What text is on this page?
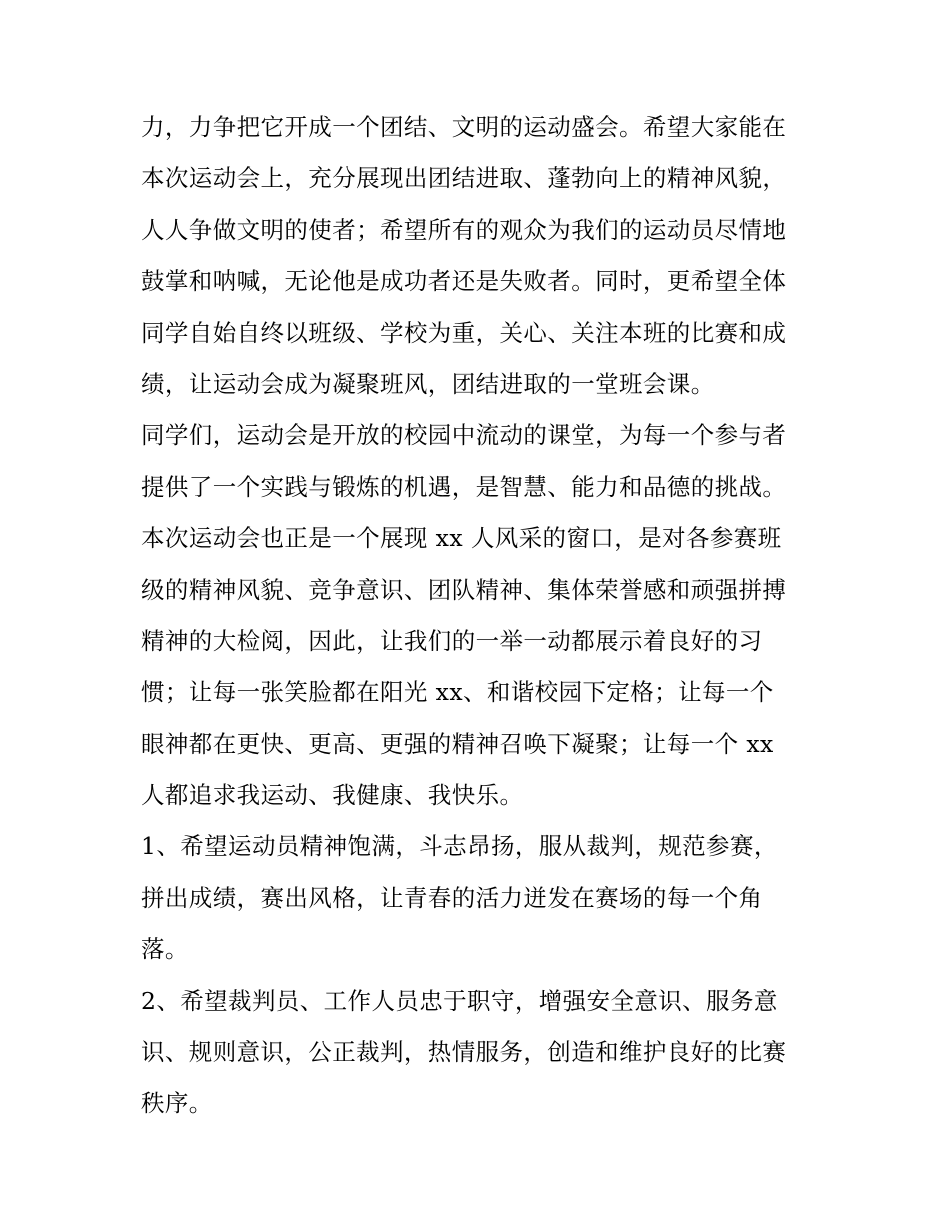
力，力争把它开成一个团结、文明的运动盛会。希望大家能在
本次运动会上，充分展现出团结进取、蓬勃向上的精神风貌，
人人争做文明的使者；希望所有的观众为我们的运动员尽情地
鼓掌和呐喊，无论他是成功者还是失败者。同时，更希望全体
同学自始自终以班级、学校为重，关心、关注本班的比赛和成
绩，让运动会成为凝聚班风，团结进取的一堂班会课。
同学们，运动会是开放的校园中流动的课堂，为每一个参与者
提供了一个实践与锻炼的机遇，是智慧、能力和品德的挑战。
本次运动会也正是一个展现 xx 人风采的窗口，是对各参赛班
级的精神风貌、竞争意识、团队精神、集体荣誉感和顽强拼搏
精神的大检阅，因此，让我们的一举一动都展示着良好的习
惯；让每一张笑脸都在阳光 xx、和谐校园下定格；让每一个
眼神都在更快、更高、更强的精神召唤下凝聚；让每一个 xx
人都追求我运动、我健康、我快乐。
1、希望运动员精神饱满，斗志昂扬，服从裁判，规范参赛，
拼出成绩，赛出风格，让青春的活力迸发在赛场的每一个角
落。
2、希望裁判员、工作人员忠于职守，增强安全意识、服务意
识、规则意识，公正裁判，热情服务，创造和维护良好的比赛
秩序。
